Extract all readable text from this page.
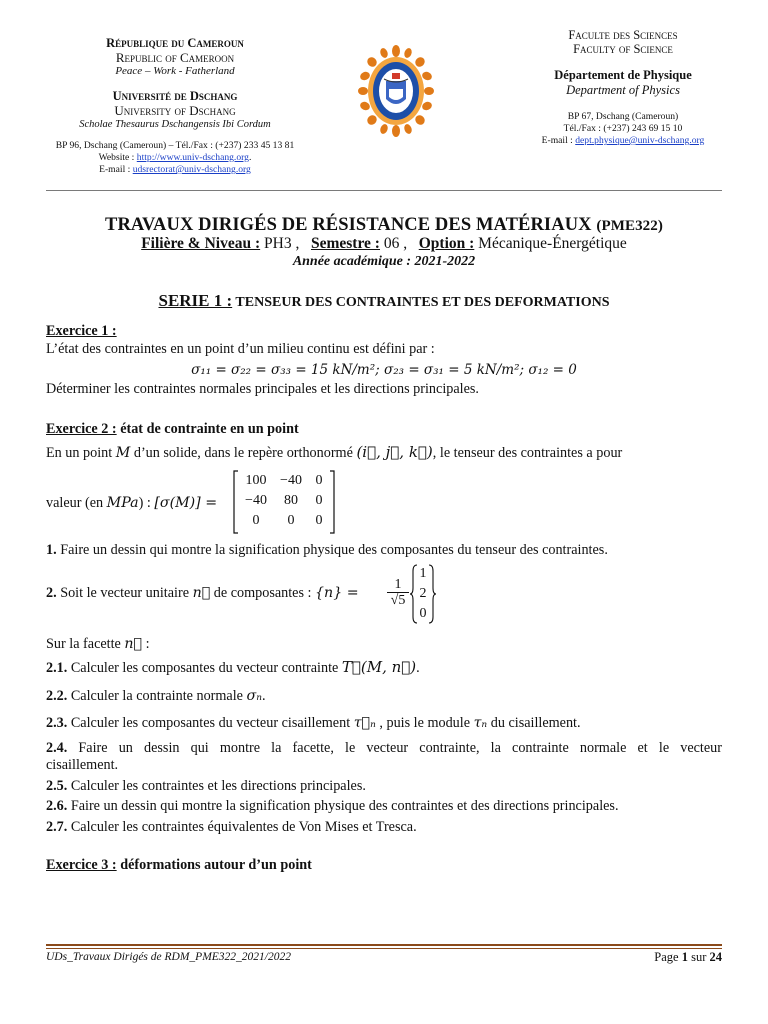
République du Cameroun
Republic of Cameroon
Peace – Work - Fatherland
Université de Dschang
University of Dschang
Scholae Thesaurus Dschangensis Ibi Cordum
BP 96, Dschang (Cameroun) – Tél./Fax : (+237) 233 45 13 81
Website : http://www.univ-dschang.org.
E-mail : udsrectorat@univ-dschang.org
Faculte des Sciences
Faculty of Science
Département de Physique
Department of Physics
BP 67, Dschang (Cameroun)
Tél./Fax : (+237) 243 69 15 10
E-mail : dept.physique@univ-dschang.org
TRAVAUX DIRIGÉS DE RÉSISTANCE DES MATÉRIAUX (PME322)
Filière & Niveau : PH3 ,   Semestre : 06 ,   Option : Mécanique-Énergétique
Année académique : 2021-2022
SERIE 1 : TENSEUR DES CONTRAINTES ET DES DEFORMATIONS
Exercice 1 :
L’état des contraintes en un point d’un milieu continu est défini par :
σ₁₁ = σ₂₂ = σ₃₃ = 15 kN/m²; σ₂₃ = σ₃₁ = 5 kN/m²; σ₁₂ = 0
Déterminer les contraintes normales principales et les directions principales.
Exercice 2 : état de contrainte en un point
En un point M d’un solide, dans le repère orthonormé (i⃗, j⃗, k⃗), le tenseur des contraintes a pour
valeur (en MPa) : [σ(M)] =
100 −40 0
−40	80	0
0	0	0
1. Faire un dessin qui montre la signification physique des composantes du tenseur des contraintes.
2. Soit le vecteur unitaire n⃗ de composantes : {n} =
1
√5
1
2
0
Sur la facette n⃗ :
2.1. Calculer les composantes du vecteur contrainte T⃗(M, n⃗).
2.2. Calculer la contrainte normale σₙ.
2.3. Calculer les composantes du vecteur cisaillement τ⃗ₙ , puis le module τₙ du cisaillement.
2.4. Faire un dessin qui montre la facette, le vecteur contrainte, la contrainte normale et le vecteur
cisaillement.
2.5. Calculer les contraintes et les directions principales.
2.6. Faire un dessin qui montre la signification physique des contraintes et des directions principales.
2.7. Calculer les contraintes équivalentes de Von Mises et Tresca.
Exercice 3 : déformations autour d’un point
UDs_Travaux Dirigés de RDM_PME322_2021/2022	Page 1 sur 24
